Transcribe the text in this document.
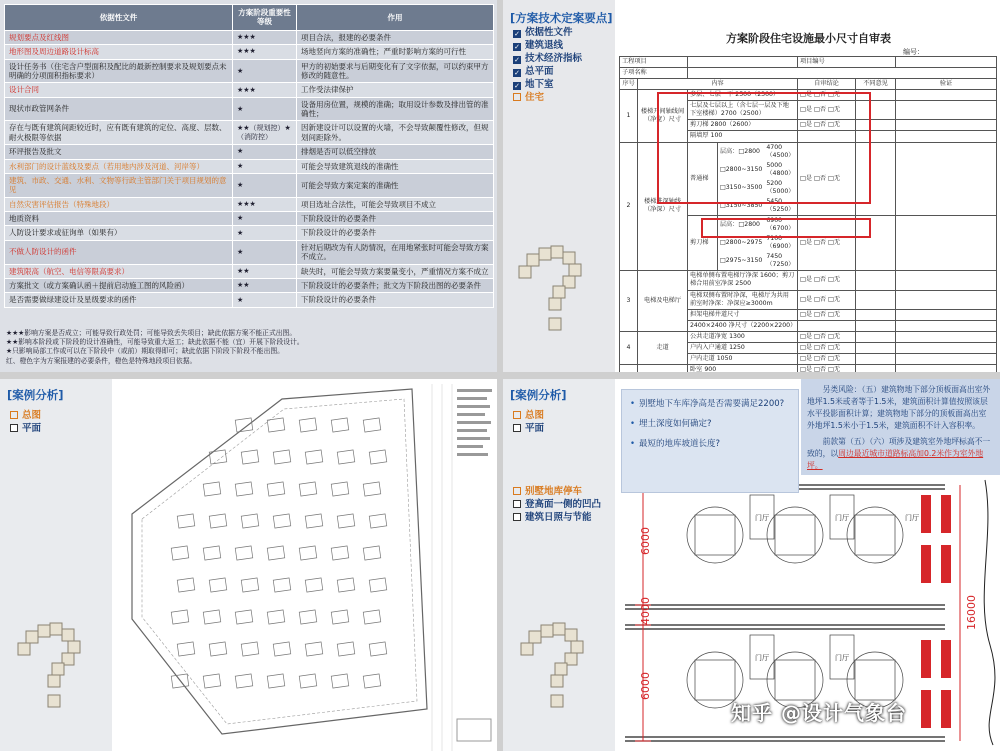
依据性文件	方案阶段重要性等级	作用
规划要点及红线图	★★★	项目合法，报建的必要条件
地形图及周边道路设计标高	★★★	场地竖向方案的准确性；严重时影响方案的可行性
设计任务书（住宅含户型面积及配比的最新控制要求及规划要点未明确的分项面积指标要求）	★	甲方的初始要求与后期变化有了文字依据，可以约束甲方修改的随意性。
设计合同	★★★	工作受法律保护
现状市政管网条件	★	设备用房位置，规模的准确；取用设计参数及排出管的准确性；
存在与既有建筑间距较近时，应有既有建筑的定位、高度、层数、耐火极限等依据	★★（规划控）★（消防控）	因新建设计可以设置的火墙，不会导致颠覆性修改，但规划间距除外。
环评报告及批文	★	排烟是否可以低空排放
水利部门的设计蓝线及要点（若用地内涉及河道、河岸等）	★	可能会导致建筑退线的准确性
建筑、市政、交通、水利、文物等行政主管部门关于项目规划的意见	★	可能会导致方案定案的准确性
自然灾害评估报告（特殊地段）	★★★	项目选址合法性，可能会导致项目不成立
地质资料	★	下阶段设计的必要条件
人防设计要求或征询单（如果有）	★	下阶段设计的必要条件
不做人防设计的函件	★	针对后期改为有人防情况，在用地紧张时可能会导致方案不成立。
建筑限高（航空、电信等限高要求）	★★	缺失时，可能会导致方案要量变小，严重情况方案不成立
方案批文（或方案确认函＋提前启动施工图的风险函）	★★	下阶段设计的必要条件；批文为下阶段出图的必要条件
是否需要做绿建设计及星级要求的函件	★	下阶段设计的必要条件
★★★影响方案是否成立；可能导致行政处罚；可能导致丢失项目；缺此依据方案不能正式出图。
★★影响本阶段或下阶段的设计准确性，可能导致重大返工；缺此依据不能（宜）开展下阶段设计。
★只影响局部工作或可以在下阶段中（或前）期取得即可；缺此依据下阶段下阶段不能出图。
红、橙色字为方案报建的必要条件，橙色是特殊地段项目依据。
[方案技术定案要点]
✓ 依据性文件
✓ 建筑退线
✓ 技术经济指标
✓ 总平面
✓ 地下室
住宅
方案阶段住宅设施最小尺寸自审表
编号：
工程项目		项目编号	
子项名称	
序号	内容	自审结论	不同意见	验证
1	楼梯开间轴线间（净宽）尺寸	多层、七层一下 2500（2300）	□是 □否 □无		
七层及七层以上（含七层一层及下地下室楼梯）2700（2500）	□是 □否 □无		
剪刀梯 2800（2600）	□是 □否 □无		
隔墙厚 100			
2	楼梯进深轴线（净深）尺寸	
普通梯	层高：□2800	4700（4500）
□2800~3150	5000（4800）
□3150~3500	5200（5000）
□3150~3850	5450（5250）
	□是 □否 □无		

剪刀梯	层高：□2800	6900（6700）
□2800~2975	7100（6900）
□2975~3150	7450（7250）
	□是 □否 □无		
3	电梯及电梯厅	电梯单侧布置电梯厅净深 1600；剪刀梯合用前室净深 2500	□是 □否 □无		
电梯双侧布置时净深，电梯厅为共用前室时净深：净深应≥3000m	□是 □否 □无		
担架电梯井道尺寸	□是 □否 □无		
2400×2400 净尺寸（2200×2200）			
4	走道	公共走道净宽 1300	□是 □否 □无		
户内入户通道 1250	□是 □否 □无		
户内走道 1050	□是 □否 □无		
		卧室 900	□是 □否 □无		

[案例分析]
总图
平面
[案例分析]
总图
平面
别墅地库停车
登高面一侧的凹凸
建筑日照与节能
6000
4000
6000
16000
门厅	门厅
门厅	门厅
门厅
• 别墅地下车库净高是否需要满足2200?
• 埋土深度如何确定?
• 最短的地库坡道长度?
另类风险：（五）建筑物地下部分顶板面高出室外地坪1.5米或者等于1.5米，建筑面积计算值按照该层水平投影面积计算；建筑物地下部分的顶板面高出室外地坪1.5米小于1.5米，建筑面积不计入容积率。
前款第（五）（六）项涉及建筑室外地坪标高不一致的，以周边最近城市道路标高加0.2米作为室外地坪。
知乎 @设计气象台
